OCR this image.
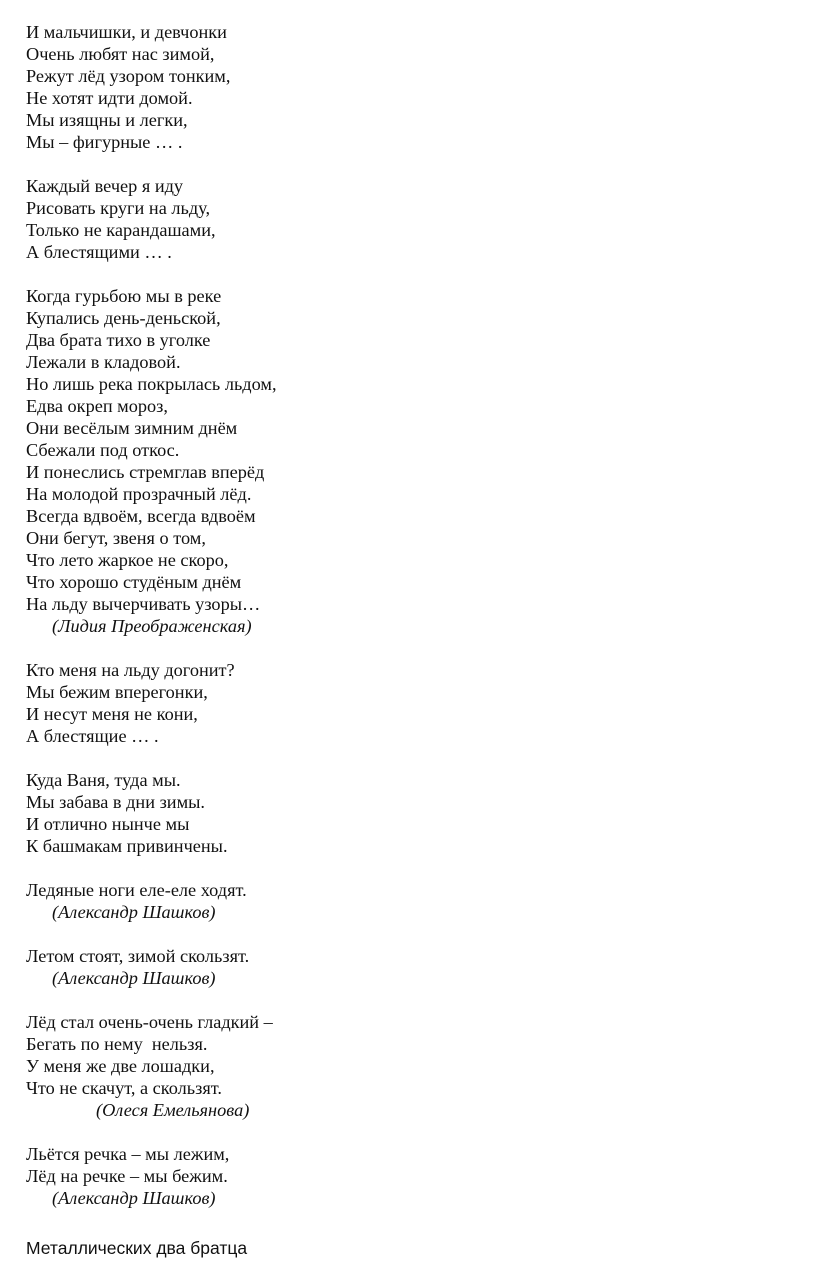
И мальчишки, и девчонки
Очень любят нас зимой,
Режут лёд узором тонким,
Не хотят идти домой.
Мы изящны и легки,
Мы – фигурные … .
Каждый вечер я иду
Рисовать круги на льду,
Только не карандашами,
А блестящими … .
Когда гурьбою мы в реке
Купались день-деньской,
Два брата тихо в уголке
Лежали в кладовой.
Но лишь река покрылась льдом,
Едва окреп мороз,
Они весёлым зимним днём
Сбежали под откос.
И понеслись стремглав вперёд
На молодой прозрачный лёд.
Всегда вдвоём, всегда вдвоём
Они бегут, звеня о том,
Что лето жаркое не скоро,
Что хорошо студёным днём
На льду вычерчивать узоры…
(Лидия Преображенская)
Кто меня на льду догонит?
Мы бежим вперегонки,
И несут меня не кони,
А блестящие … .
Куда Ваня, туда мы.
Мы забава в дни зимы.
И отлично нынче мы
К башмакам привинчены.
Ледяные ноги еле-еле ходят.
(Александр Шашков)
Летом стоят, зимой скользят.
(Александр Шашков)
Лёд стал очень-очень гладкий –
Бегать по нему  нельзя.
У меня же две лошадки,
Что не скачут, а скользят.
(Олеся Емельянова)
Льётся речка – мы лежим,
Лёд на речке – мы бежим.
(Александр Шашков)
Металлических два братца
